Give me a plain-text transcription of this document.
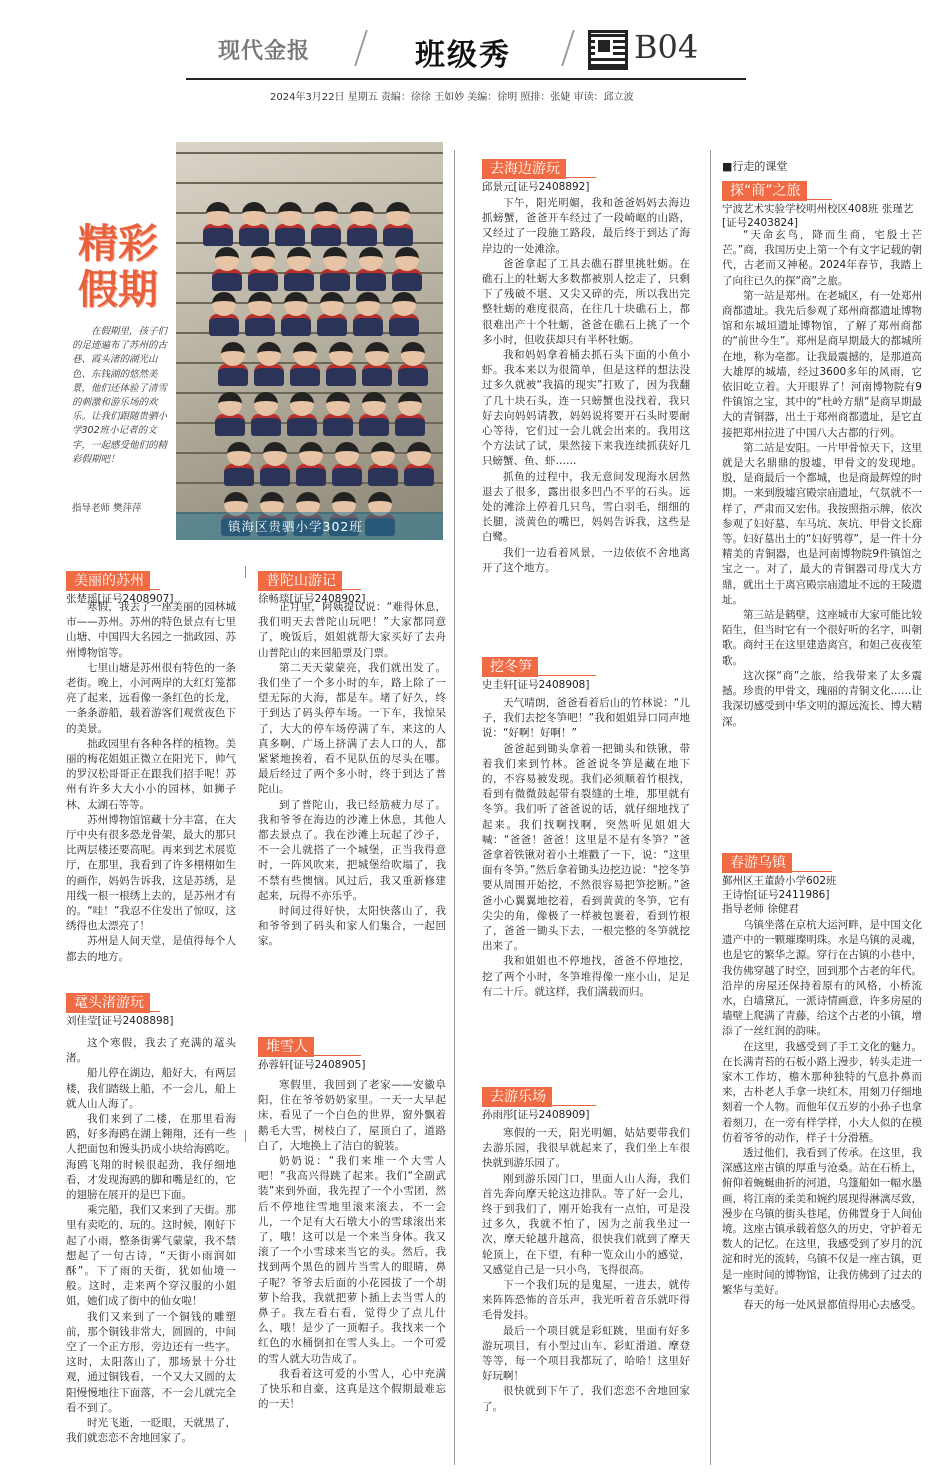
现代金报	班级秀	B04
2024年3月22日 星期五 责编：徐徐 王如妙 美编：徐明 照排：张婕 审读：邱立波
精彩
假期
在假期里，孩子们的足迹遍布了苏州的古巷、霞头渚的湖光山色、东钱湖的悠然美景，他们还体验了清雪的刺激和游乐场的欢乐。让我们跟随贵驷小学302班小记者的文字，一起感受他们的精彩假期吧！
指导老师 樊萍萍
镇海区贵驷小学302班
■行走的课堂
美丽的苏州
张楚瑶[证号2408907]

寒假，我去了一座美丽的园林城市——苏州。苏州的特色景点有七里山塘、中国四大名园之一拙政园、苏州博物馆等。

七里山塘是苏州很有特色的一条老街。晚上，小河两岸的大红灯笼都亮了起来，远看像一条红色的长龙，一条条游船，载着游客们观赏夜色下的美景。

拙政园里有各种各样的植物。美丽的梅花姐姐正微立在阳光下，帅气的罗汉松哥哥正在跟我们招手呢！苏州有许多大大小小的园林，如狮子林、太湖石等等。

苏州博物馆馆藏十分丰富，在大厅中央有很多恐龙骨架，最大的那只比两层楼还要高呢。再来到艺术展览厅，在那里，我看到了许多栩栩如生的画作，妈妈告诉我，这是苏绣，是用线一根一根绣上去的，是苏州才有的。“哇！”我忍不住发出了惊叹，这绣得也太漂亮了！

苏州是人间天堂，是值得每个人都去的地方。

鼋头渚游玩
刘佳莹[证号2408898]

这个寒假，我去了充满的鼋头渚。

船儿停在湖边，船好大，有两层楼，我们踏级上船，不一会儿，船上就人山人海了。

我们来到了二楼，在那里看海鸥，好多海鸥在湖上翱翔，还有一些人把面包和馒头扔成小块给海鸥吃。海鸥飞翔的时候很起劲，我仔细地看，才发现海鸥的脚和嘴是红的，它的翅膀在展开的是巴下面。

乘完船，我们又来到了天街。那里有卖吃的、玩的。这时候，刚好下起了小雨，整条街雾气蒙蒙，我不禁想起了一句古诗，“天街小雨润如酥”。下了雨的天街，犹如仙境一般。这时，走来两个穿汉服的小姐姐，她们成了街中的仙女啦！

我们又来到了一个铜钱的雕塑前，那个铜钱非常大，圆圆的，中间空了一个正方形，旁边还有一些字。这时，太阳落山了，那场景十分壮观，通过铜钱看，一个又大又圆的太阳慢慢地往下面落，不一会儿就完全看不到了。

时光飞逝，一眨眼，天就黑了，我们就恋恋不舍地回家了。

普陀山游记
徐畅琰[证号2408902]

正月里，阿姨提议说：“难得休息，我们明天去普陀山玩吧！”大家都同意了，晚饭后，姐姐就帮大家买好了去舟山普陀山的来回船票及门票。

第二天天蒙蒙亮，我们就出发了。我们坐了一个多小时的车，路上除了一望无际的大海，都是车。堵了好久，终于到达了码头停车场。一下车，我惊呆了，大大的停车场停满了车，来这的人真多啊，广场上挤满了去人口的人，都紧紧地挨着，看不见队伍的尽头在哪。最后经过了两个多小时，终于到达了普陀山。

到了普陀山，我已经筋疲力尽了。我和爷爷在海边的沙滩上休息，其他人都去景点了。我在沙滩上玩起了沙子，不一会儿就搭了一个城堡，正当我得意时，一阵风吹来，把城堡给吹塌了，我不禁有些懊恼。风过后，我又重新修建起来，玩得不亦乐乎。

时间过得好快，太阳快落山了，我和爷爷到了码头和家人们集合，一起回家。

堆雪人
孙蓉轩[证号2408905]

寒假里，我回到了老家——安徽阜阳，住在爷爷奶奶家里。一天一大早起床，看见了一个白色的世界，窗外飘着鹅毛大雪，树枝白了，屋顶白了，道路白了，大地换上了洁白的貌装。

奶奶说：“我们来堆一个大雪人吧！”我高兴得跳了起来。我们“全副武装”来到外面，我先捏了一个小雪团，然后不停地往雪地里滚来滚去，不一会儿，一个足有大石墩大小的雪球滚出来了，哦！这可以是一个来当身体。我又滚了一个小雪球来当它的头。然后，我找到两个黑色的圆片当雪人的眼睛，鼻子呢？爷爷去后面的小花园拔了一个胡萝卜给我，我就把萝卜插上去当雪人的鼻子。我左看右看，觉得少了点儿什么，哦！是少了一顶帽子。我找来一个红色的水桶倒扣在雪人头上。一个可爱的雪人就大功告成了。

我看着这可爱的小雪人，心中充满了快乐和自豪，这真是这个假期最难忘的一天！

去海边游玩
邱景元[证号2408892]

下午，阳光明媚，我和爸爸妈妈去海边抓螃蟹，爸爸开车经过了一段崎岖的山路，又经过了一段施工路段，最后终于到达了海岸边的一处滩涂。

爸爸拿起了工具去礁石群里挑牡蛎。在礁石上的牡蛎大多数都被别人挖走了，只剩下了残破不堪、又尖又碎的壳，所以我出完整牡蛎的难度很高，在往几十块礁石上，都很难出产十个牡蛎，爸爸在礁石上挑了一个多小时，但收获却只有半杯牡蛎。

我和妈妈拿着桶去抓石头下面的小鱼小虾。我本来以为很简单，但是这样的想法没过多久就被“我搞的现实”打败了，因为我翻了几十块石头，连一只螃蟹也没找着，我只好去向妈妈请教，妈妈说将要开石头时要耐心等待，它们过一会儿就会出来的。我用这个方法试了试，果然接下来我连续抓获好几只螃蟹、鱼、虾……

抓鱼的过程中，我无意间发现海水居然退去了很多，露出很多凹凸不平的石头。远处的滩涂上停着几只鸟，雪白羽毛，细细的长腿，淡黄色的嘴巴，妈妈告诉我，这些是白鹭。

我们一边看着风景，一边依依不舍地离开了这个地方。

挖冬笋
史圭轩[证号2408908]

天气晴朗，爸爸看着后山的竹林说：“儿子，我们去挖冬笋吧！”我和姐姐异口同声地说：“好啊！好啊！”

爸爸起到锄头拿着一把锄头和铁锹，带着我们来到竹林。爸爸说冬笋是藏在地下的，不容易被发现。我们必须顺着竹根找，看到有微微鼓起带有裂缝的土堆，那里就有冬笋。我们听了爸爸说的话，就仔细地找了起来。我们找啊找啊，突然听见姐姐大喊：“爸爸！爸爸！这里是不是有冬笋？”爸爸拿着铁锹对着小土堆戳了一下，说：“这里面有冬笋。”然后拿着锄头边挖边说：“挖冬笋要从周围开始挖，不然很容易把笋挖断。”爸爸小心翼翼地挖着，看到黄黄的冬笋，它有尖尖的角，像极了一样被包裹着，看到竹根了，爸爸一锄头下去，一根完整的冬笋就挖出来了。

我和姐姐也不停地找，爸爸不停地挖，挖了两个小时，冬笋堆得像一座小山，足足有二十斤。就这样，我们满载而归。

去游乐场
孙雨彤[证号2408909]

寒假的一天，阳光明媚，姑姑要带我们去游乐园，我很早就起来了，我们坐上车很快就到游乐园了。

刚到游乐园门口，里面人山人海，我们首先奔向摩天轮这边排队。等了好一会儿，终于到我们了，刚开始我有一点怕，可是没过多久，我就不怕了，因为之前我坐过一次，摩天轮越升越高，很快我们就到了摩天轮顶上，在下望，有种一览众山小的感觉，又感觉自己是一只小鸟，飞得很高。

下一个我们玩的是鬼屋，一进去，就传来阵阵恐怖的音乐声，我光听着音乐就吓得毛骨发抖。

最后一个项目就是彩虹跳，里面有好多游玩项目，有小型过山车、彩虹滑道、摩登等等，每一个项目我都玩了，哈哈！这里好好玩啊！

很快就到下午了，我们恋恋不舍地回家了。

探“商”之旅
宁波艺术实验学校明州校区408班 张瑾艺[证号2403824]

“天命玄鸟，降而生商，宅殷土芒芒。”商，我国历史上第一个有文字记载的朝代，古老而又神秘。2024年春节，我踏上了向往已久的探“商”之旅。

第一站是郑州。在老城区，有一处郑州商都遗址。我先后参观了郑州商都遗址博物馆和东城垣遗址博物馆，了解了郑州商都的“前世今生”。郑州是商早期最大的都城所在地，称为亳都。让我最震撼的，是那道高大雄厚的城墙，经过3600多年的风雨，它依旧屹立着。大开眼界了！河南博物院有9件镇馆之宝，其中的“杜岭方鼎”是商早期最大的青铜器，出土于郑州商都遗址，是它直接把郑州拉进了中国八大古都的行列。

第二站是安阳。一片甲骨惊天下，这里就是大名鼎鼎的殷墟，甲骨文的发现地。殷，是商最后一个都城，也是商最辉煌的时期。一来到殷墟宫殿宗庙遗址，气氛就不一样了，严肃而又宏伟。我按照指示牌，依次参观了妇好墓、车马坑、灰坑、甲骨文长廊等。妇好墓出土的“妇好鸮尊”，是一件十分精美的青铜器，也是河南博物院9件镇馆之宝之一。对了，最大的青铜器司母戊大方鼎，就出土于离宫殿宗庙遗址不远的王陵遗址。

第三站是鹤壁，这座城市大家可能比较陌生，但当时它有一个很好听的名字，叫朝歌。商纣王在这里建造离宫，和妲己夜夜笙歌。

这次探“商”之旅，给我带来了太多震撼。珍贵的甲骨文，瑰丽的青铜文化……让我深切感受到中华文明的源远流长、博大精深。

春游乌镇
鄞州区王董龄小学602班
王诗怡[证号2411986]
指导老师 徐健君

乌镇坐落在京杭大运河畔，是中国文化遗产中的一颗璀璨明珠。水是乌镇的灵魂，也是它的繁华之源。穿行在古镇的小巷中，我仿佛穿越了时空，回到那个古老的年代。沿岸的房屋还保持着原有的风格，小桥流水，白墙黛瓦，一派诗情画意，许多房屋的墙壁上爬满了青藤，给这个古老的小镇，增添了一丝红润的韵味。

在这里，我感受到了手工文化的魅力。在长满青苔的石板小路上漫步，转头走进一家木工作坊，檐木那种独特的气息扑鼻而来，古朴老人手拿一块红木，用刻刀仔细地刻着一个人物。而他年仅五岁的小孙子也拿着刻刀，在一旁有样学样，小大人似的在模仿着爷爷的动作，样子十分滑稽。

透过他们，我看到了传承。在这里，我深感这座古镇的厚重与沧桑。站在石桥上，俯仰着蜿蜒曲折的河道，乌篷船如一幅水墨画，将江南的柔美和婉约展现得淋漓尽致，漫步在乌镇的街头巷尾，仿佛置身于人间仙境。这座古镇承载着悠久的历史，守护着无数人的记忆。在这里，我感受到了岁月的沉淀和时光的流转，乌镇不仅是一座古镇，更是一座时间的博物馆，让我仿佛到了过去的繁华与美好。

春天的每一处风景都值得用心去感受。
